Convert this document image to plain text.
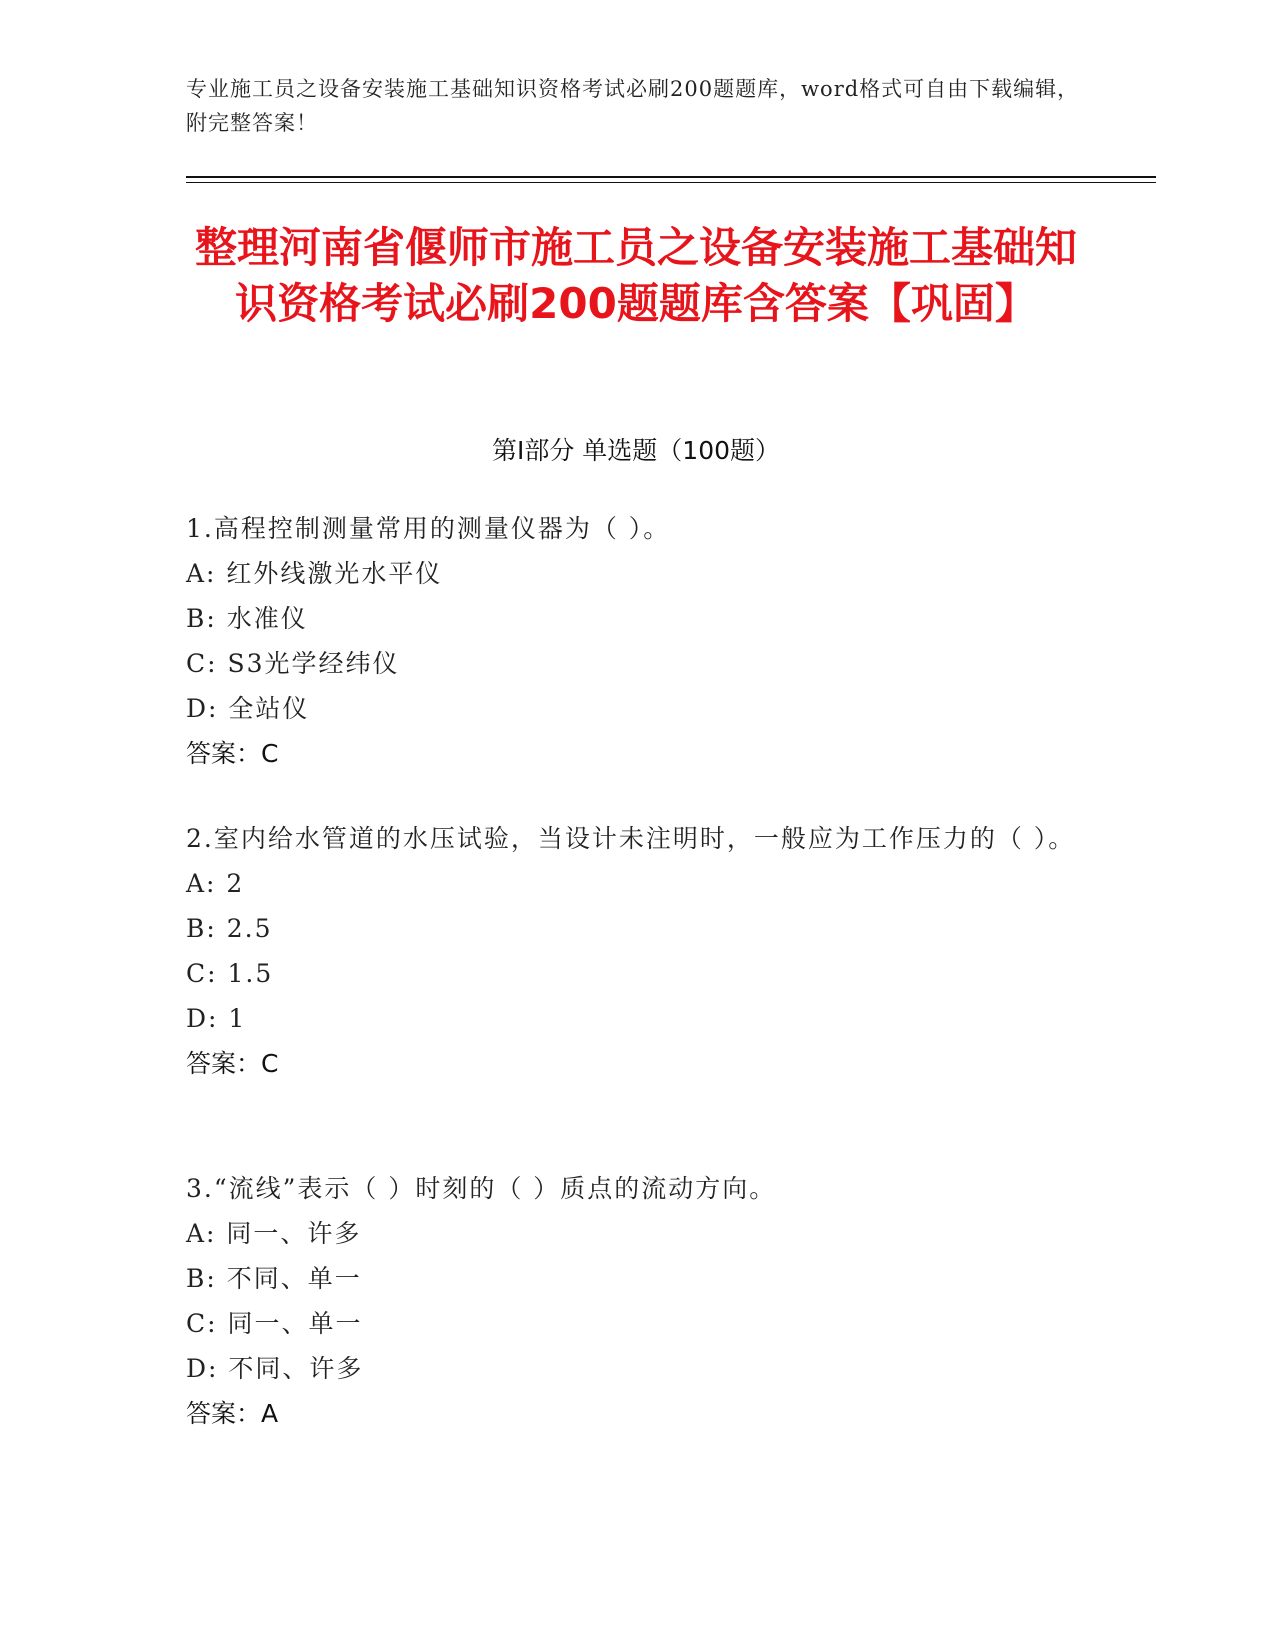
专业施工员之设备安装施工基础知识资格考试必刷200题题库，word格式可自由下载编辑，附完整答案！
整理河南省偃师市施工员之设备安装施工基础知识资格考试必刷200题题库含答案【巩固】
第Ⅰ部分 单选题（100题）

1.高程控制测量常用的测量仪器为（ ）。

A: 红外线激光水平仪

B: 水准仪

C: S3光学经纬仪

D: 全站仪

答案：C

2.室内给水管道的水压试验，当设计未注明时，一般应为工作压力的（ ）。

A: 2

B: 2.5

C: 1.5

D: 1

答案：C

3.“流线”表示（ ）时刻的（ ）质点的流动方向。

A: 同一、许多

B: 不同、单一

C: 同一、单一

D: 不同、许多

答案：A
